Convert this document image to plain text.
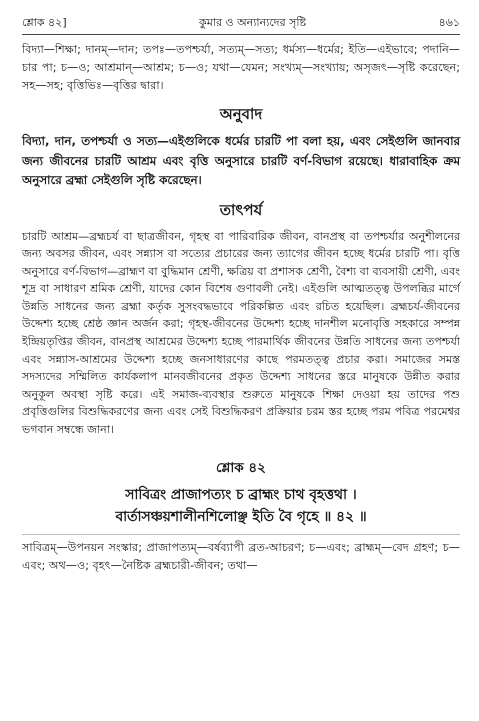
শ্লোক ৪২]	কুমার ও অন্যান্যদের সৃষ্টি	৪৬১

বিদ্যা—শিক্ষা; দানম্—দান; তপঃ—তপশ্চর্যা, সত্যম্—সত্য; ধর্মস্য—ধর্মের; ইতি—এইভাবে; পদানি—চার পা; চ—ও; আশ্রমান্—আশ্রম; চ—ও; যথা—যেমন; সংখ্যম্—সংখ্যায়; অসৃজৎ—সৃষ্টি করেছেন; সহ—সহ; বৃত্তিভিঃ—বৃত্তির দ্বারা।

অনুবাদ

বিদ্যা, দান, তপশ্চর্যা ও সত্য—এইগুলিকে ধর্মের চারটি পা বলা হয়, এবং সেইগুলি জানবার জন্য জীবনের চারটি আশ্রম এবং বৃত্তি অনুসারে চারটি বর্ণ-বিভাগ রয়েছে। ধারাবাহিক ক্রম অনুসারে ব্রহ্মা সেইগুলি সৃষ্টি করেছেন।

তাৎপর্য

চারটি আশ্রম—ব্রহ্মচর্য বা ছাত্রজীবন, গৃহস্থ বা পারিবারিক জীবন, বানপ্রস্থ বা তপশ্চর্যার অনুশীলনের জন্য অবসর জীবন, এবং সন্ন্যাস বা সত্যের প্রচারের জন্য ত্যাগের জীবন হচ্ছে ধর্মের চারটি পা। বৃত্তি অনুসারে বর্ণ-বিভাগ—ব্রাহ্মণ বা বুদ্ধিমান শ্রেণী, ক্ষত্রিয় বা প্রশাসক শ্রেণী, বৈশ্য বা ব্যবসায়ী শ্রেণী, এবং শূদ্র বা সাধারণ শ্রমিক শ্রেণী, যাদের কোন বিশেষ গুণাবলী নেই। এইগুলি আত্মতত্ত্ব উপলব্ধির মার্গে উন্নতি সাধনের জন্য ব্রহ্মা কর্তৃক সুসংবদ্ধভাবে পরিকল্পিত এবং রচিত হয়েছিল। ব্রহ্মচর্য-জীবনের উদ্দেশ্য হচ্ছে শ্রেষ্ঠ জ্ঞান অর্জন করা; গৃহস্থ-জীবনের উদ্দেশ্য হচ্ছে দানশীল মনোবৃত্তি সহকারে সম্পন্ন ইন্দ্রিয়তৃপ্তির জীবন, বানপ্রস্থ আশ্রমের উদ্দেশ্য হচ্ছে পারমার্থিক জীবনের উন্নতি সাধনের জন্য তপশ্চর্যা এবং সন্ন্যাস-আশ্রমের উদ্দেশ্য হচ্ছে জনসাধারণের কাছে পরমতত্ত্ব প্রচার করা। সমাজের সমস্ত সদস্যদের সম্মিলিত কার্যকলাপ মানবজীবনের প্রকৃত উদ্দেশ্য সাধনের স্তরে মানুষকে উন্নীত করার অনুকূল অবস্থা সৃষ্টি করে। এই সমাজ-ব্যবস্থার শুরুতে মানুষকে শিক্ষা দেওয়া হয় তাদের পশু প্রবৃত্তিগুলির বিশুদ্ধিকরণের জন্য এবং সেই বিশুদ্ধিকরণ প্রক্রিয়ার চরম স্তর হচ্ছে পরম পবিত্র পরমেশ্বর ভগবান সম্বন্ধে জানা।

শ্লোক ৪২
সাবিত্রং প্রাজাপত্যং চ ব্রাহ্মং চাথ বৃহত্তথা ।
বার্তাসঞ্চয়শালীনশিলোঞ্ছ ইতি বৈ গৃহে ॥ ৪২ ॥

সাবিত্রম্—উপনয়ন সংস্কার; প্রাজাপত্যম্—বর্ষব্যাপী ব্রত-আচরণ; চ—এবং; ব্রাহ্মম্—বেদ গ্রহণ; চ—এবং; অথ—ও; বৃহৎ—নৈষ্টিক ব্রহ্মচারী-জীবন; তথা—
